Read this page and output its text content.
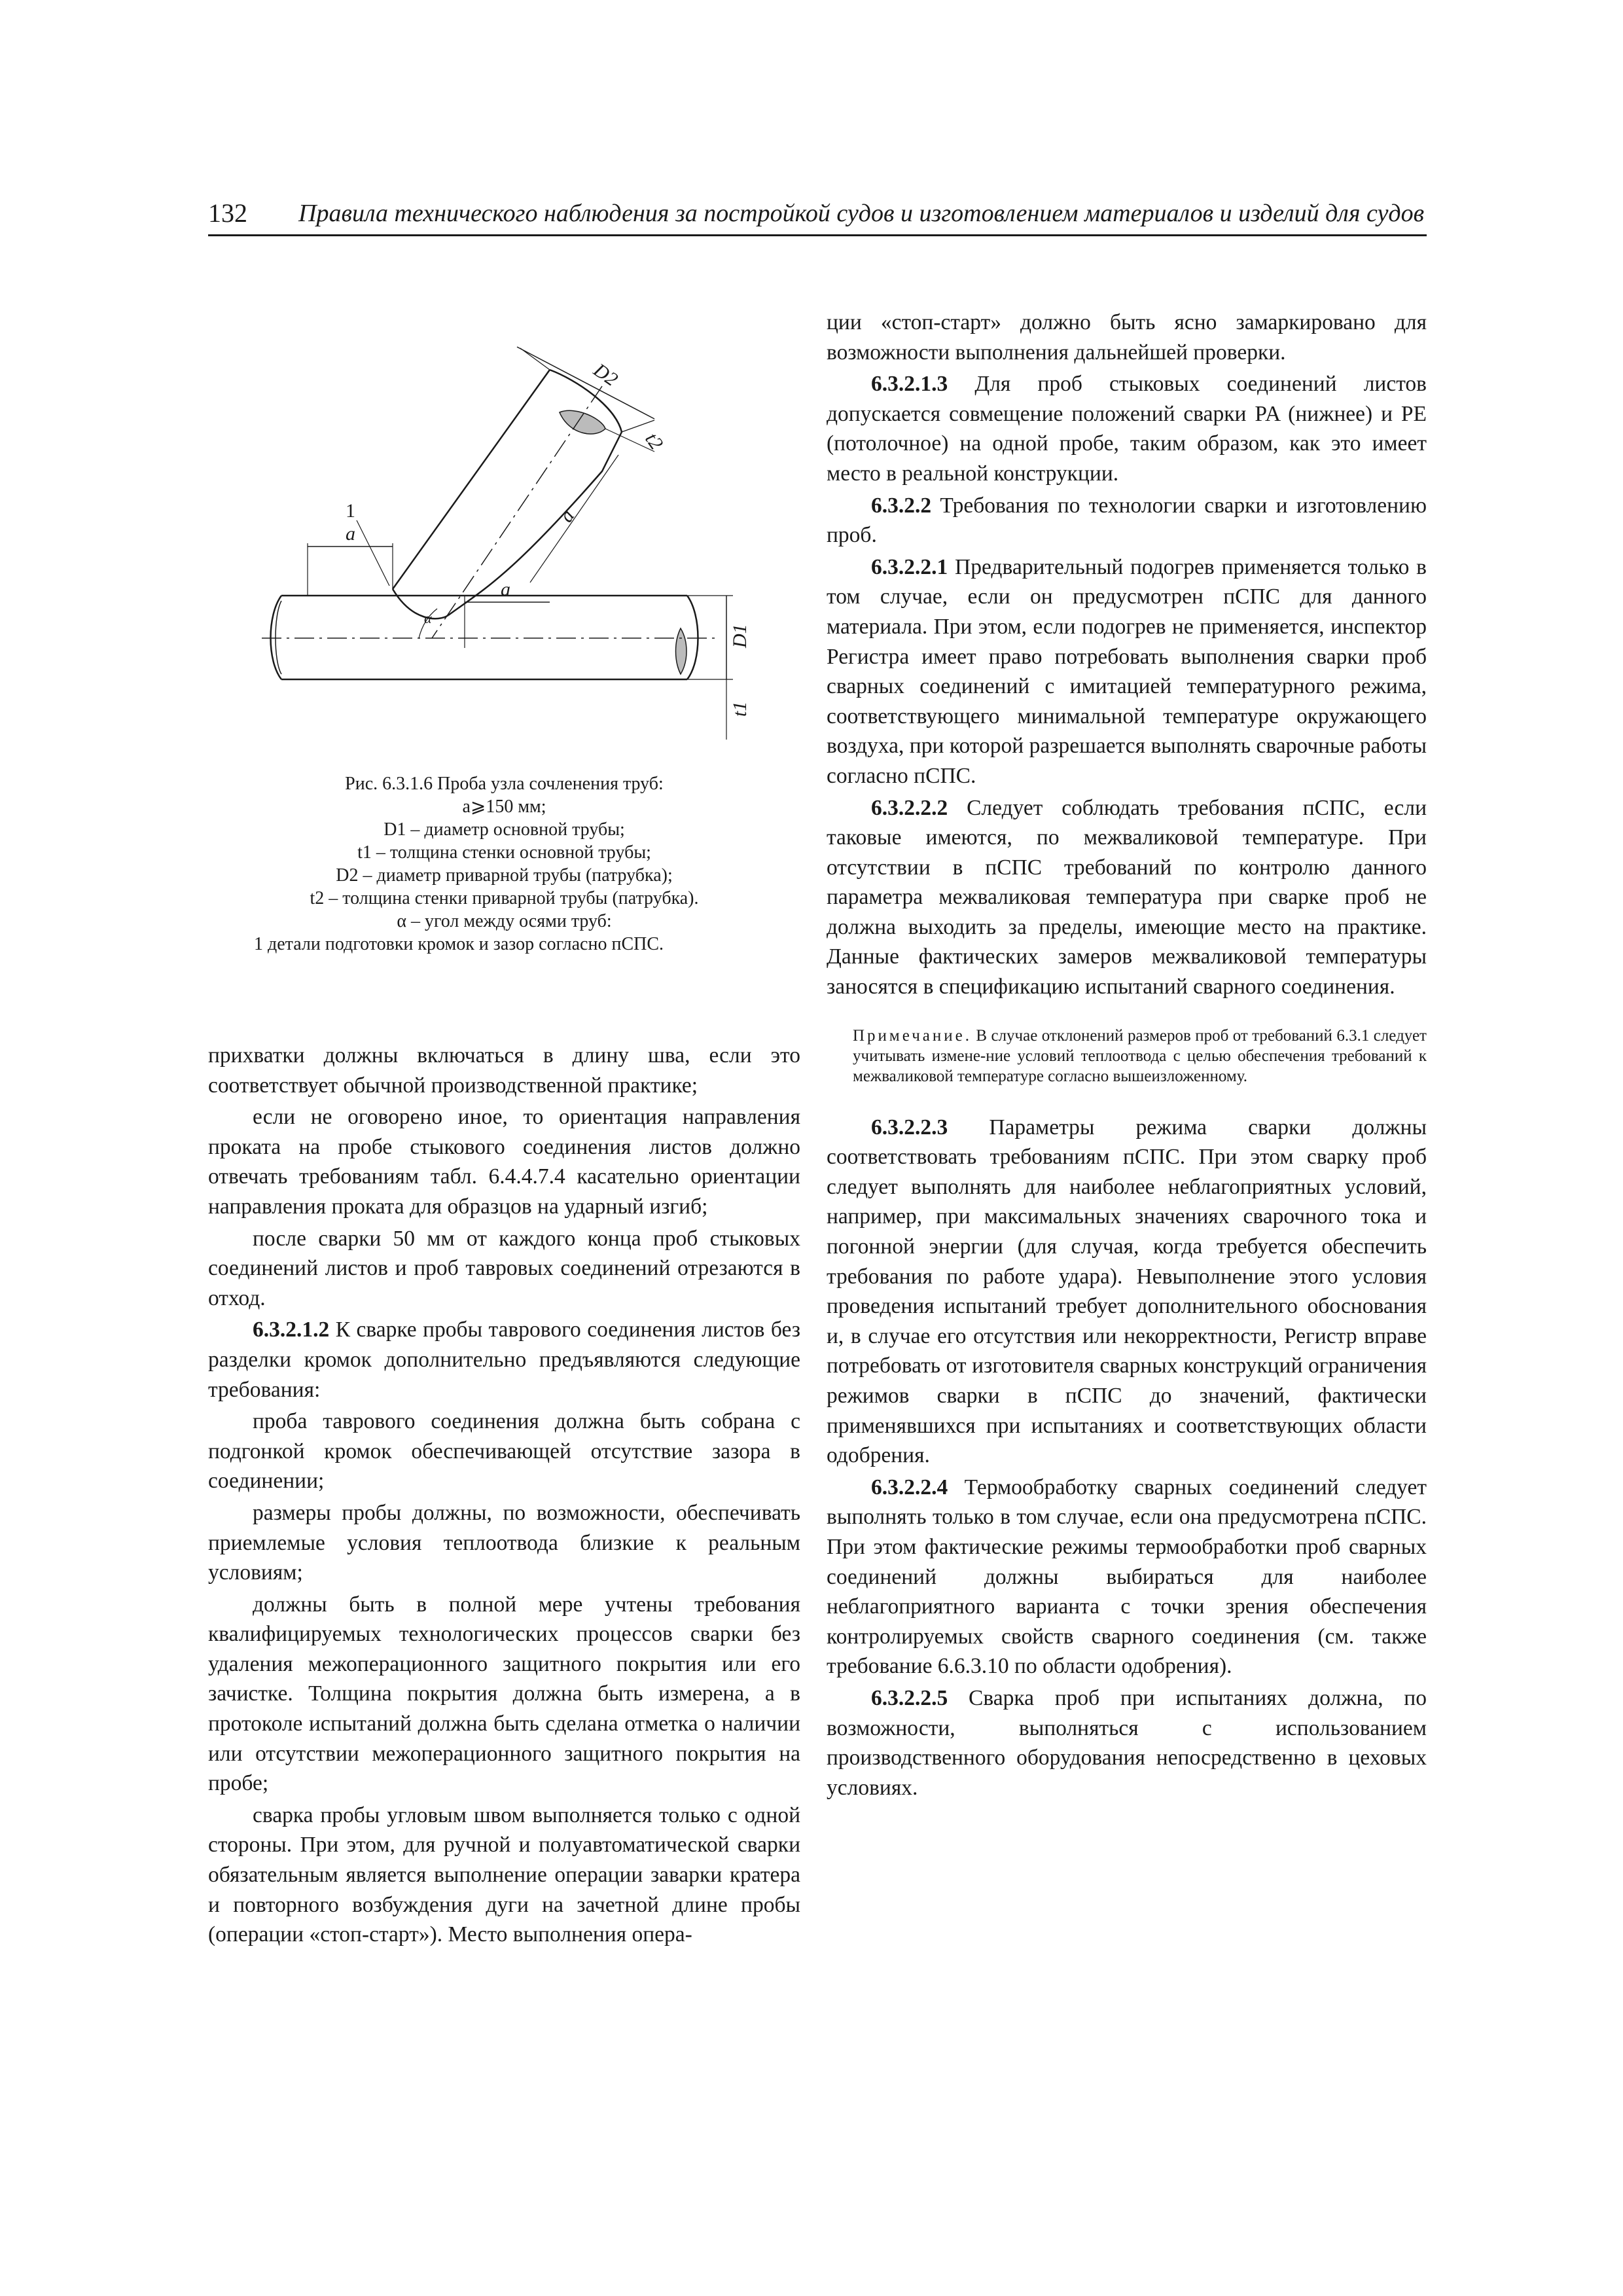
132 Правила технического наблюдения за постройкой судов и изготовлением материалов и изделий для судов
D2
t2
a
1
α
a
D1
t1
a
Рис. 6.3.1.6 Проба узла сочленения труб:
a⩾150 мм;
D1 – диаметр основной трубы;
t1 – толщина стенки основной трубы;
D2 – диаметр приварной трубы (патрубка);
t2 – толщина стенки приварной трубы (патрубка).
α – угол между осями труб:
1 детали подготовки кромок и зазор согласно пСПС.

прихватки должны включаться в длину шва, если это соответствует обычной производственной практике;

если не оговорено иное, то ориентация направления проката на пробе стыкового соединения листов должно отвечать требованиям табл. 6.4.4.7.4 касательно ориентации направления проката для образцов на ударный изгиб;

после сварки 50 мм от каждого конца проб стыковых соединений листов и проб тавровых соединений отрезаются в отход.

6.3.2.1.2 К сварке пробы таврового соединения листов без разделки кромок дополнительно предъявляются следующие требования:

проба таврового соединения должна быть собрана с подгонкой кромок обеспечивающей отсутствие зазора в соединении;

размеры пробы должны, по возможности, обеспечивать приемлемые условия теплоотвода близкие к реальным условиям;

должны быть в полной мере учтены требования квалифицируемых технологических процессов сварки без удаления межоперационного защитного покрытия или его зачистке. Толщина покрытия должна быть измерена, а в протоколе испытаний должна быть сделана отметка о наличии или отсутствии межоперационного защитного покрытия на пробе;

сварка пробы угловым швом выполняется только с одной стороны. При этом, для ручной и полуавтоматической сварки обязательным является выполнение операции заварки кратера и повторного возбуждения дуги на зачетной длине пробы (операции «стоп-старт»). Место выполнения опера-

ции «стоп-старт» должно быть ясно замаркировано для возможности выполнения дальнейшей проверки.

6.3.2.1.3 Для проб стыковых соединений листов допускается совмещение положений сварки PA (нижнее) и PE (потолочное) на одной пробе, таким образом, как это имеет место в реальной конструкции.

6.3.2.2 Требования по технологии сварки и изготовлению проб.

6.3.2.2.1 Предварительный подогрев применяется только в том случае, если он предусмотрен пСПС для данного материала. При этом, если подогрев не применяется, инспектор Регистра имеет право потребовать выполнения сварки проб сварных соединений с имитацией температурного режима, соответствующего минимальной температуре окружающего воздуха, при которой разрешается выполнять сварочные работы согласно пСПС.

6.3.2.2.2 Следует соблюдать требования пСПС, если таковые имеются, по межваликовой температуре. При отсутствии в пСПС требований по контролю данного параметра межваликовая температура при сварке проб не должна выходить за пределы, имеющие место на практике. Данные фактических замеров межваликовой температуры заносятся в спецификацию испытаний сварного соединения.

Примечание. В случае отклонений размеров проб от требований 6.3.1 следует учитывать измене-ние условий теплоотвода с целью обеспечения требований к межваликовой температуре согласно вышеизложенному.

6.3.2.2.3 Параметры режима сварки должны соответствовать требованиям пСПС. При этом сварку проб следует выполнять для наиболее неблагоприятных условий, например, при максимальных значениях сварочного тока и погонной энергии (для случая, когда требуется обеспечить требования по работе удара). Невыполнение этого условия проведения испытаний требует дополнительного обоснования и, в случае его отсутствия или некорректности, Регистр вправе потребовать от изготовителя сварных конструкций ограничения режимов сварки в пСПС до значений, фактически применявшихся при испытаниях и соответствующих области одобрения.

6.3.2.2.4 Термообработку сварных соединений следует выполнять только в том случае, если она предусмотрена пСПС. При этом фактические режимы термообработки проб сварных соединений должны выбираться для наиболее неблагоприятного варианта с точки зрения обеспечения контролируемых свойств сварного соединения (см. также требование 6.6.3.10 по области одобрения).

6.3.2.2.5 Сварка проб при испытаниях должна, по возможности, выполняться с использованием производственного оборудования непосредственно в цеховых условиях.
